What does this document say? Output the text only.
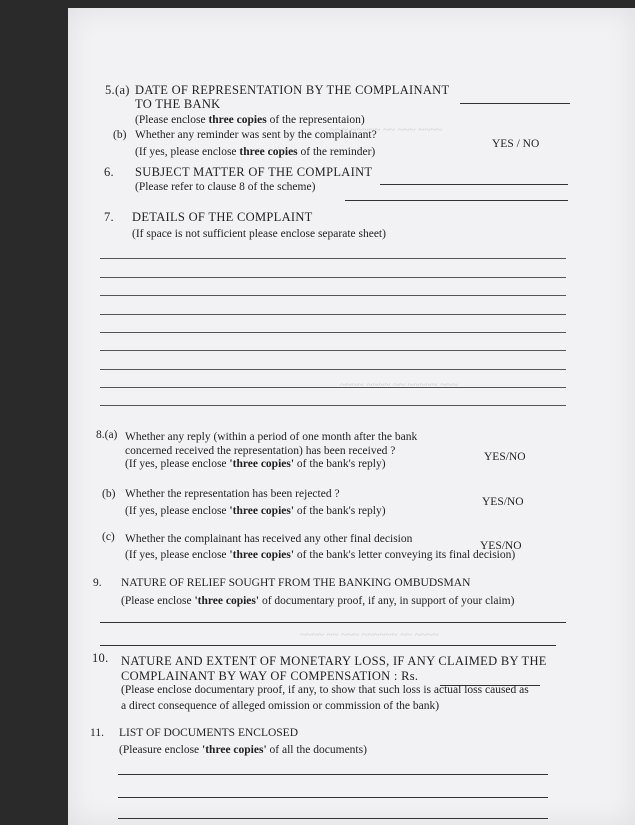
~~~~ ~~~ ~~ ~~~~~ ~~~
~~~ ~~~~~ ~~ ~~~~ ~~~~
~~~~ ~~ ~~~~~~ ~~~ ~~ ~~~~
5.(a) DATE OF REPRESENTATION BY THE COMPLAINANT
TO THE BANK
(Please enclose three copies of the representaion)
(b) Whether any reminder was sent by the complainant?
YES / NO
(If yes, please enclose three copies of the reminder)
6. SUBJECT MATTER OF THE COMPLAINT
(Please refer to clause 8 of the scheme)
7. DETAILS OF THE COMPLAINT
(If space is not sufficient please enclose separate sheet)
8.(a) Whether any reply (within a period of one month after the bank
concerned received the representation) has been received ?	YES/NO
(If yes, please enclose 'three copies' of the bank's reply)
(b) Whether the representation has been rejected ?
YES/NO
(If yes, please enclose 'three copies' of the bank's reply)
(c) Whether the complainant has received any other final decision
YES/NO
(If yes, please enclose 'three copies' of the bank's letter conveying its final decision)
9. NATURE OF RELIEF SOUGHT FROM THE BANKING OMBUDSMAN
(Please enclose 'three copies' of documentary proof, if any, in support of your claim)
10. NATURE AND EXTENT OF MONETARY LOSS, IF ANY CLAIMED BY THE
COMPLAINANT BY WAY OF COMPENSATION : Rs.
(Please enclose documentary proof, if any, to show that such loss is actual loss caused as
a direct consequence of alleged omission or commission of the bank)
11. LIST OF DOCUMENTS ENCLOSED
(Pleasure enclose 'three copies' of all the documents)
